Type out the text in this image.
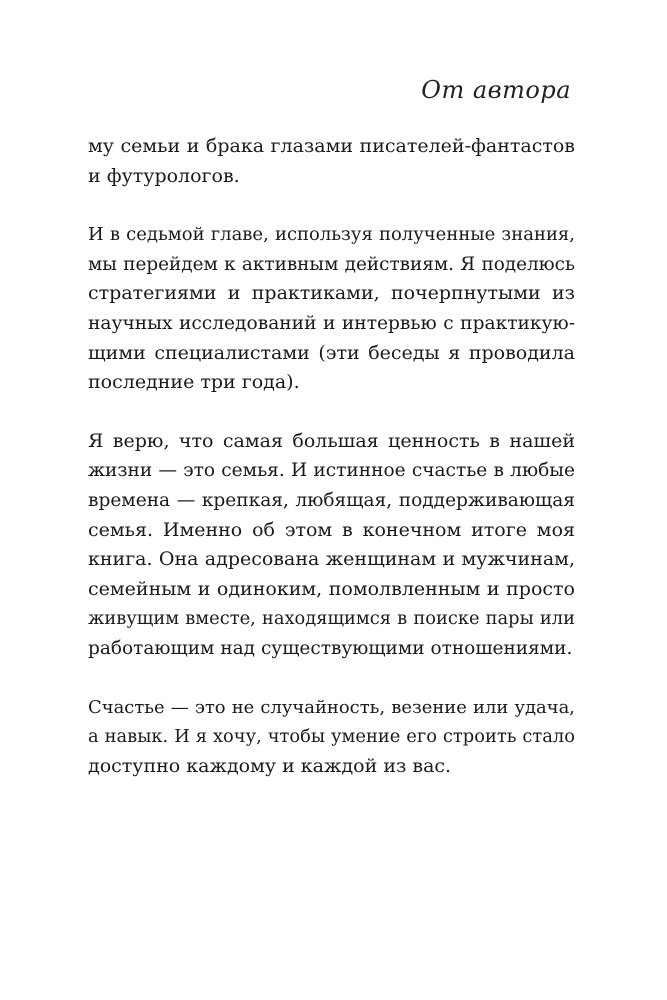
От автора

му семьи и брака глазами писателей-фантастов
и футурологов.

И в седьмой главе, используя полученные знания,
мы перейдем к активным действиям. Я поделюсь
стратегиями и практиками, почерпнутыми из
научных исследований и интервью с практикую-
щими специалистами (эти беседы я проводила
последние три года).

Я верю, что самая большая ценность в нашей
жизни — это семья. И истинное счастье в любые
времена — крепкая, любящая, поддерживающая
семья. Именно об этом в конечном итоге моя
книга. Она адресована женщинам и мужчинам,
семейным и одиноким, помолвленным и просто
живущим вместе, находящимся в поиске пары или
работающим над существующими отношениями.

Счастье — это не случайность, везение или удача,
а навык. И я хочу, чтобы умение его строить стало
доступно каждому и каждой из вас.
